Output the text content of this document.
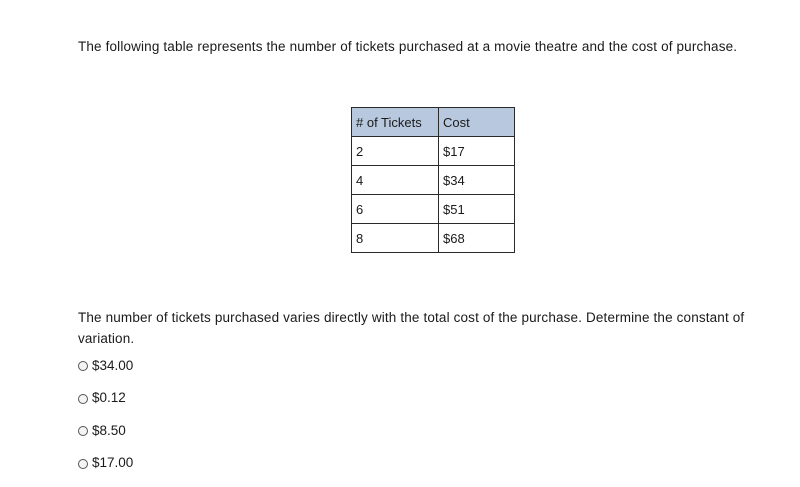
The following table represents the number of tickets purchased at a movie theatre and the cost of purchase.

# of Tickets	Cost
2	$17
4	$34
6	$51
8	$68

The number of tickets purchased varies directly with the total cost of the purchase. Determine the constant of variation.

$34.00
$0.12
$8.50
$17.00
